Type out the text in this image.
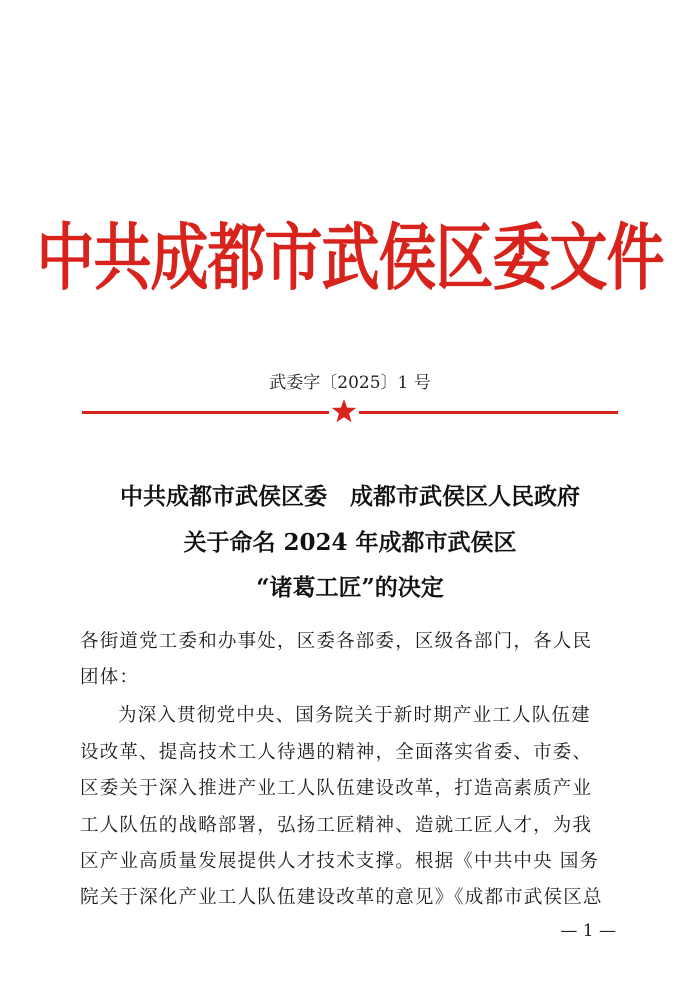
中共成都市武侯区委文件
武委字〔2025〕1 号
中共成都市武侯区委　成都市武侯区人民政府
关于命名 2024 年成都市武侯区
“诸葛工匠”的决定
各街道党工委和办事处，区委各部委，区级各部门，各人民
团体：
为深入贯彻党中央、国务院关于新时期产业工人队伍建
设改革、提高技术工人待遇的精神，全面落实省委、市委、
区委关于深入推进产业工人队伍建设改革，打造高素质产业
工人队伍的战略部署，弘扬工匠精神、造就工匠人才，为我
区产业高质量发展提供人才技术支撑。根据《中共中央 国务
院关于深化产业工人队伍建设改革的意见》《成都市武侯区总
— 1 —
